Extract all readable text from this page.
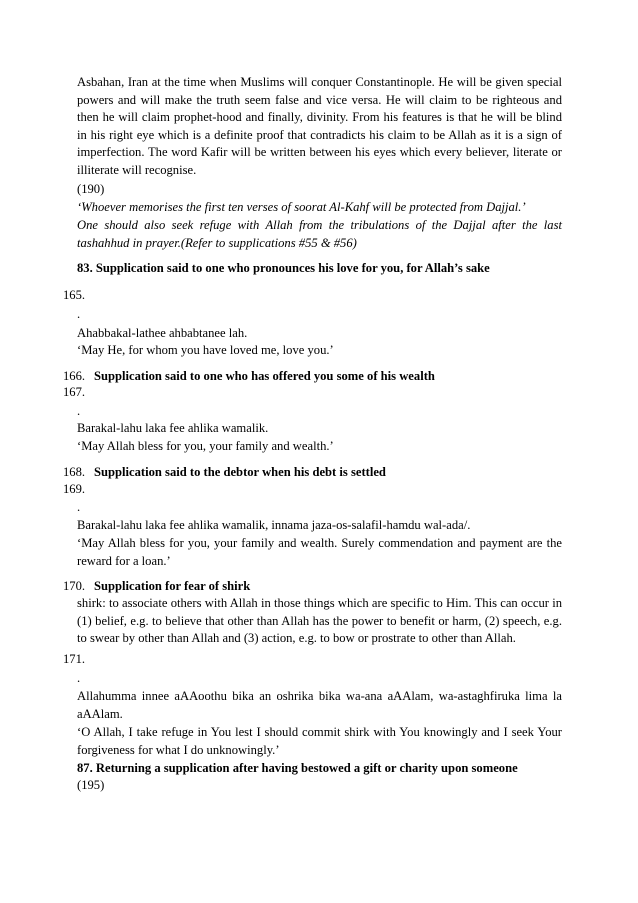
Asbahan, Iran at the time when Muslims will conquer Constantinople. He will be given special powers and will make the truth seem false and vice versa. He will claim to be righteous and then he will claim prophet-hood and finally, divinity. From his features is that he will be blind in his right eye which is a definite proof that contradicts his claim to be Allah as it is a sign of imperfection. The word Kafir will be written between his eyes which every believer, literate or illiterate will recognise.
(190)
‘Whoever memorises the first ten verses of soorat Al-Kahf will be protected from Dajjal.’
One should also seek refuge with Allah from the tribulations of the Dajjal after the last tashahhud in prayer.(Refer to supplications #55 & #56)
83. Supplication said to one who pronounces his love for you, for Allah’s sake
165.
.
Ahabbakal-lathee ahbabtanee lah.
‘May He, for whom you have loved me, love you.’
166. Supplication said to one who has offered you some of his wealth
167.
.
Barakal-lahu laka fee ahlika wamalik.
‘May Allah bless for you, your family and wealth.’
168. Supplication said to the debtor when his debt is settled
169.
.
Barakal-lahu laka fee ahlika wamalik, innama jaza-os-salafil-hamdu wal-ada/.
‘May Allah bless for you, your family and wealth. Surely commendation and payment are the reward for a loan.’
170. Supplication for fear of shirk
shirk: to associate others with Allah in those things which are specific to Him. This can occur in (1) belief, e.g. to believe that other than Allah has the power to benefit or harm, (2) speech, e.g. to swear by other than Allah and (3) action, e.g. to bow or prostrate to other than Allah.
171.
.
Allahumma innee aAAoothu bika an oshrika bika wa-ana aAAlam, wa-astaghfiruka lima la aAAlam.
‘O Allah, I take refuge in You lest I should commit shirk with You knowingly and I seek Your forgiveness for what I do unknowingly.’
87. Returning a supplication after having bestowed a gift or charity upon someone
(195)
